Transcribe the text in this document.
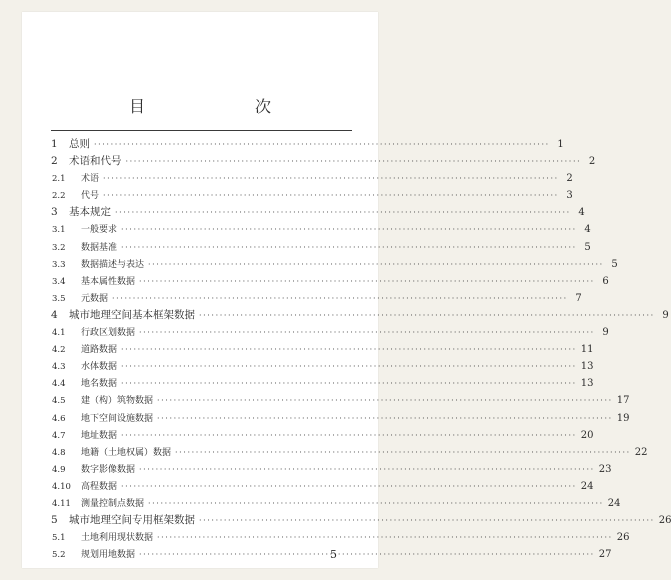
目　　次
1	总则 ·····	1
2	术语和代号 ·····	2
2.1	术语 ·····	2
2.2	代号 ·····	3
3	基本规定 ·····	4
3.1	一般要求 ·····	4
3.2	数据基准 ·····	5
3.3	数据描述与表达 ·····	5
3.4	基本属性数据 ·····	6
3.5	元数据 ·····	7
4	城市地理空间基本框架数据 ·····	9
4.1	行政区划数据 ·····	9
4.2	道路数据 ·····	11
4.3	水体数据 ·····	13
4.4	地名数据 ·····	13
4.5	建（构）筑物数据 ·····	17
4.6	地下空间设施数据 ·····	19
4.7	地址数据 ·····	20
4.8	地籍（土地权属）数据 ·····	22
4.9	数字影像数据 ·····	23
4.10	高程数据 ·····	24
4.11	测量控制点数据 ·····	24
5	城市地理空间专用框架数据 ·····	26
5.1	土地利用现状数据 ·····	26
5.2	规划用地数据 ·····	27
5
